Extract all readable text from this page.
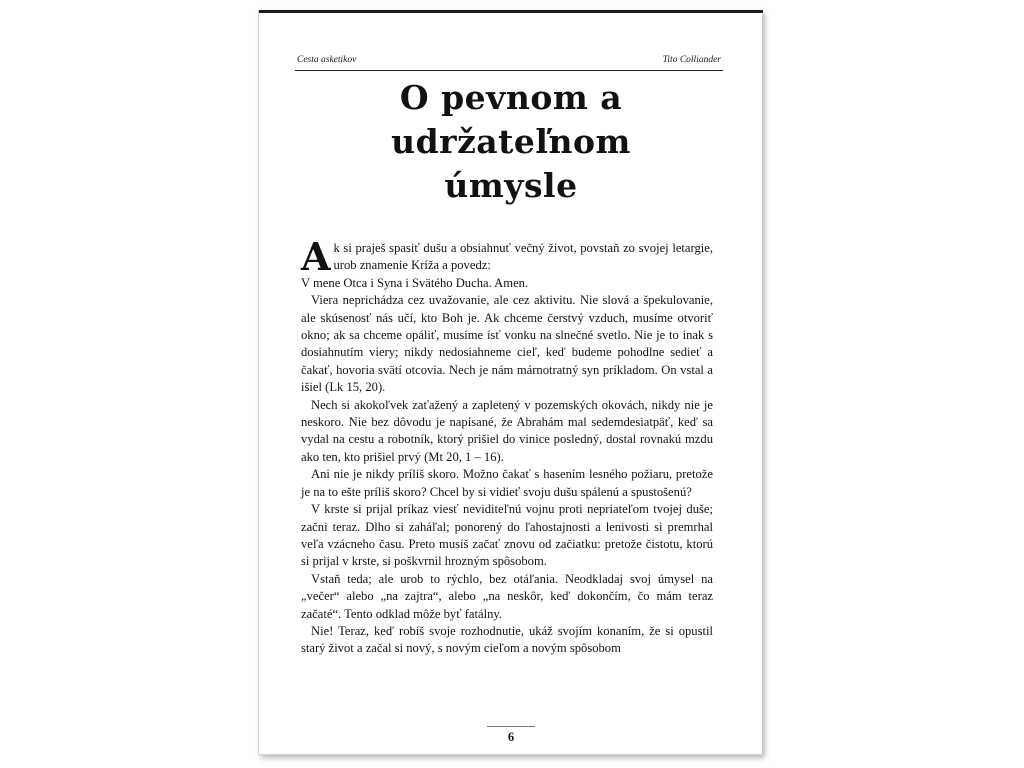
Cesta asketikov	Tito Colliander
O pevnom a udržateľnom
úmysle

Ak si praješ spasiť dušu a obsiahnuť večný život, povstaň zo svojej letargie, urob znamenie Kríža a povedz:

V mene Otca i Syna i Svätého Ducha. Amen.

Viera neprichádza cez uvažovanie, ale cez aktivitu. Nie slová a špekulovanie, ale skúsenosť nás učí, kto Boh je. Ak chceme čerstvý vzduch, musíme otvoriť okno; ak sa chceme opáliť, musíme ísť vonku na slnečné svetlo. Nie je to inak s dosiahnutím viery; nikdy nedosiahneme cieľ, keď budeme pohodlne sedieť a čakať, hovoria svätí otcovia. Nech je nám márnotratný syn príkladom. On vstal a išiel (Lk 15, 20).

Nech si akokoľvek zaťažený a zapletený v pozemských okovách, nikdy nie je neskoro. Nie bez dôvodu je napísané, že Abrahám mal sedemdesiatpäť, keď sa vydal na cestu a robotník, ktorý prišiel do vinice posledný, dostal rovnakú mzdu ako ten, kto prišiel prvý (Mt 20, 1 – 16).

Ani nie je nikdy príliš skoro. Možno čakať s hasením lesného požiaru, pretože je na to ešte príliš skoro? Chcel by si vidieť svoju dušu spálenú a spustošenú?

V krste si prijal príkaz viesť neviditeľnú vojnu proti nepriateľom tvojej duše; začni teraz. Dlho si zaháľal; ponorený do ľahostajnosti a lenivosti si premrhal veľa vzácneho času. Preto musíš začať znovu od začiatku: pretože čistotu, ktorú si prijal v krste, si poškvrnil hrozným spôsobom.

Vstaň teda; ale urob to rýchlo, bez otáľania. Neodkladaj svoj úmysel na „večer“ alebo „na zajtra“, alebo „na neskôr, keď dokončím, čo mám teraz začaté“. Tento odklad môže byť fatálny.

Nie! Teraz, keď robíš svoje rozhodnutie, ukáž svojím konaním, že si opustil starý život a začal si nový, s novým cieľom a novým spôsobom

6
